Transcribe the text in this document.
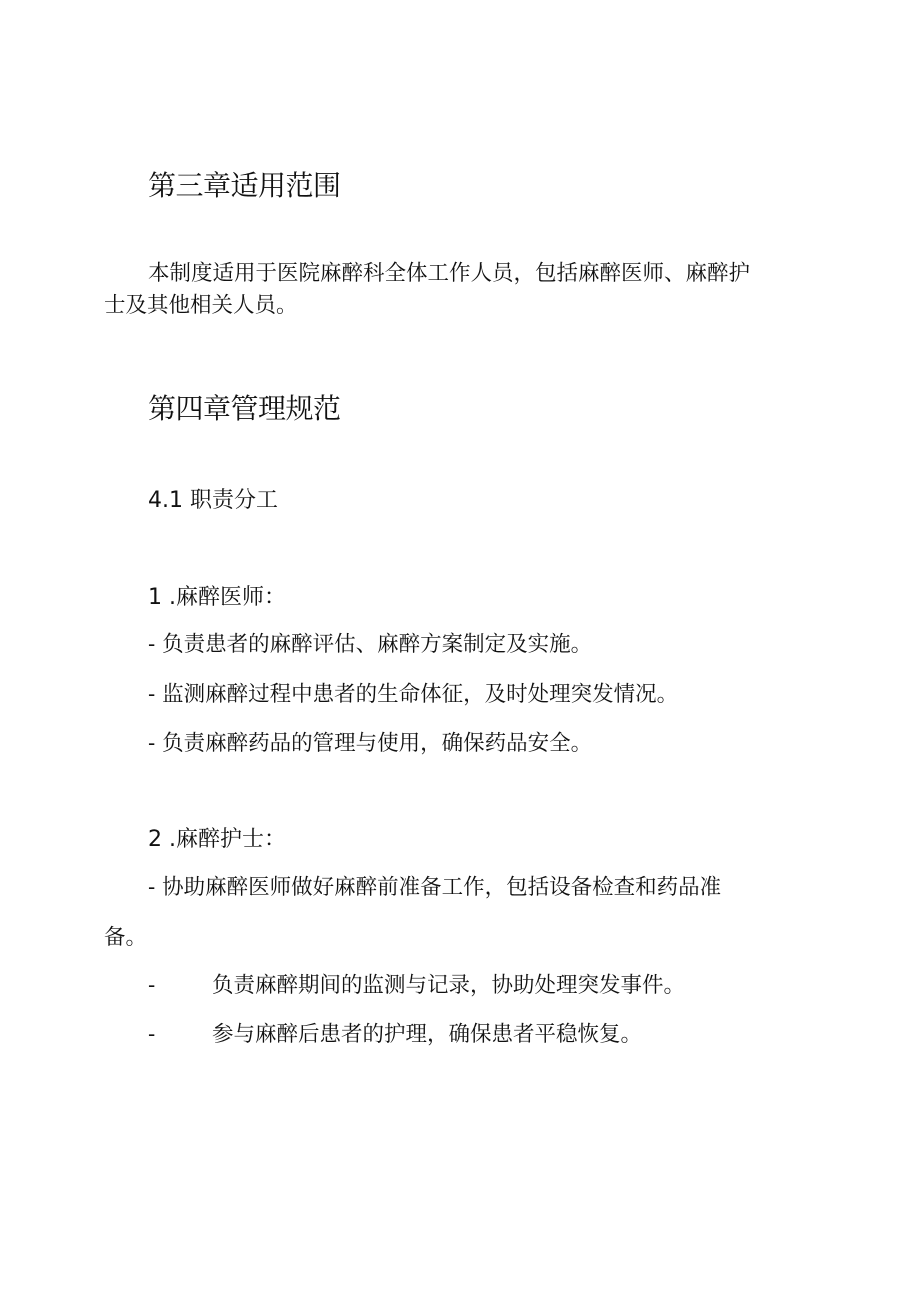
第三章适用范围
本制度适用于医院麻醉科全体工作人员，包括麻醉医师、麻醉护
士及其他相关人员。
第四章管理规范
4.1 职责分工
1 .麻醉医师：
- 负责患者的麻醉评估、麻醉方案制定及实施。
- 监测麻醉过程中患者的生命体征，及时处理突发情况。
- 负责麻醉药品的管理与使用，确保药品安全。
2 .麻醉护士：
- 协助麻醉医师做好麻醉前准备工作，包括设备检查和药品准
备。
-	负责麻醉期间的监测与记录，协助处理突发事件。
-	参与麻醉后患者的护理，确保患者平稳恢复。
